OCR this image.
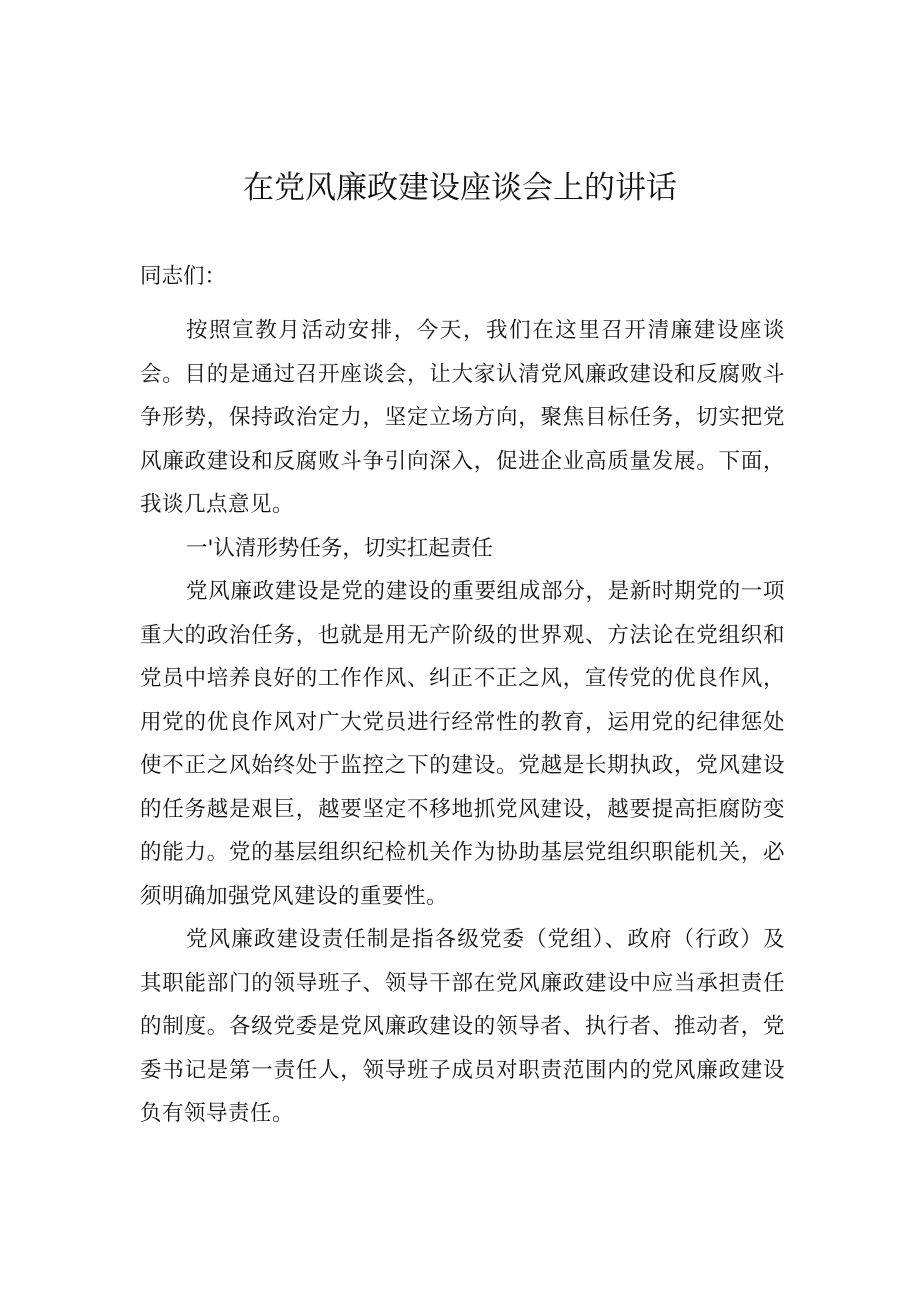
在党风廉政建设座谈会上的讲话

同志们：

按照宣教月活动安排，今天，我们在这里召开清廉建设座谈会。目的是通过召开座谈会，让大家认清党风廉政建设和反腐败斗争形势，保持政治定力，坚定立场方向，聚焦目标任务，切实把党风廉政建设和反腐败斗争引向深入，促进企业高质量发展。下面，我谈几点意见。

一'认清形势任务，切实扛起责任

党风廉政建设是党的建设的重要组成部分，是新时期党的一项重大的政治任务，也就是用无产阶级的世界观、方法论在党组织和党员中培养良好的工作作风、纠正不正之风，宣传党的优良作风，用党的优良作风对广大党员进行经常性的教育，运用党的纪律惩处使不正之风始终处于监控之下的建设。党越是长期执政，党风建设的任务越是艰巨，越要坚定不移地抓党风建设，越要提高拒腐防变的能力。党的基层组织纪检机关作为协助基层党组织职能机关，必须明确加强党风建设的重要性。

党风廉政建设责任制是指各级党委（党组）、政府（行政）及其职能部门的领导班子、领导干部在党风廉政建设中应当承担责任的制度。各级党委是党风廉政建设的领导者、执行者、推动者，党委书记是第一责任人，领导班子成员对职责范围内的党风廉政建设负有领导责任。
